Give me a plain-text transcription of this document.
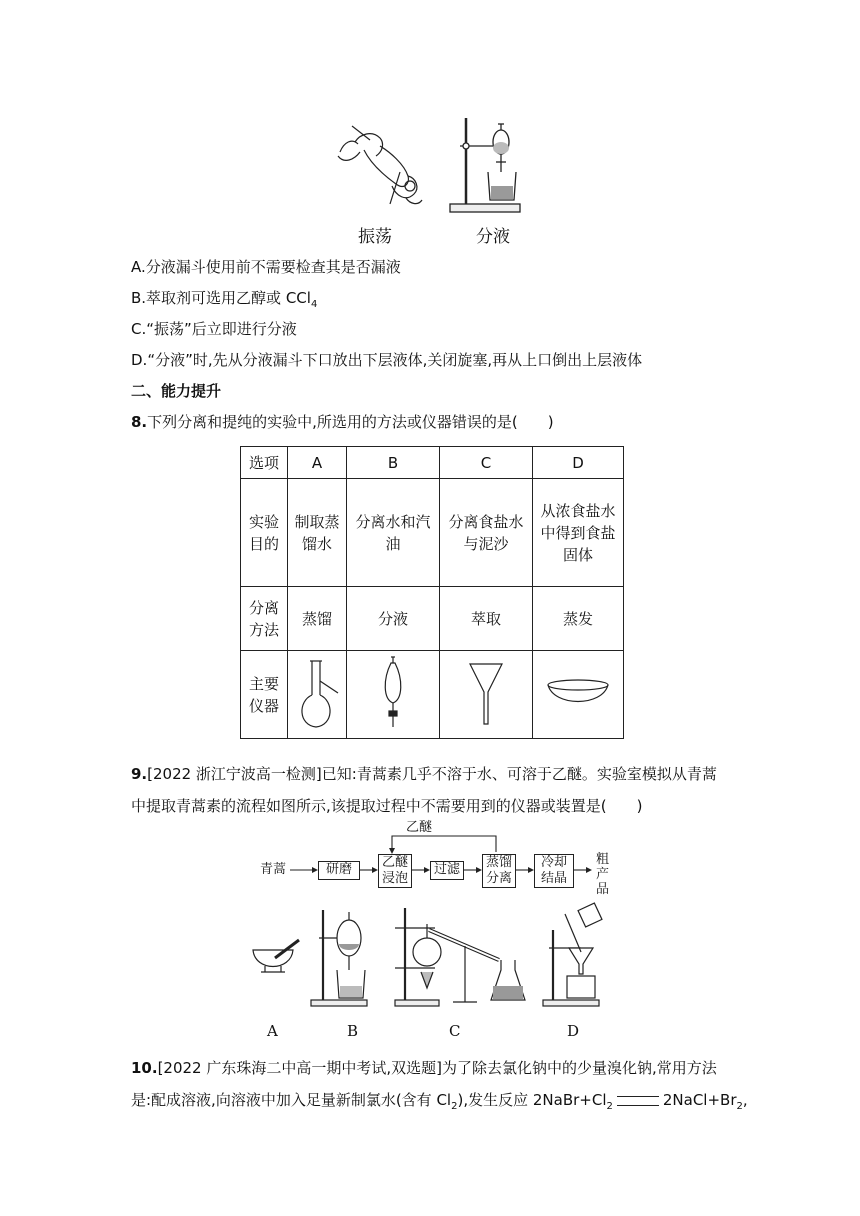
振荡	分液
A.分液漏斗使用前不需要检查其是否漏液
B.萃取剂可选用乙醇或 CCl$_4$
C.“振荡”后立即进行分液
D.“分液”时,先从分液漏斗下口放出下层液体,关闭旋塞,再从上口倒出上层液体
二、能力提升
8.下列分离和提纯的实验中,所选用的方法或仪器错误的是(　　)
选项	A	B	C	D

实验目的	制取蒸馏水	分离水和汽油	分离食盐水与泥沙	从浓食盐水中得到食盐固体

分离方法	蒸馏	分液	萃取	蒸发

主要仪器

9.[2022 浙江宁波高一检测]已知:青蒿素几乎不溶于水、可溶于乙醚。实验室模拟从青蒿
中提取青蒿素的流程如图所示,该提取过程中不需要用到的仪器或装置是(　　)
乙醚
青蒿	研磨	乙醚浸泡
过滤	蒸馏分离
冷却结晶
粗产品
A	B	C	D
10.[2022 广东珠海二中高一期中考试,双选题]为了除去氯化钠中的少量溴化钠,常用方法
是:配成溶液,向溶液中加入足量新制氯水(含有 $Cl_2$),发生反应 $2NaBr+Cl_2$	$2NaCl+Br_2$,
